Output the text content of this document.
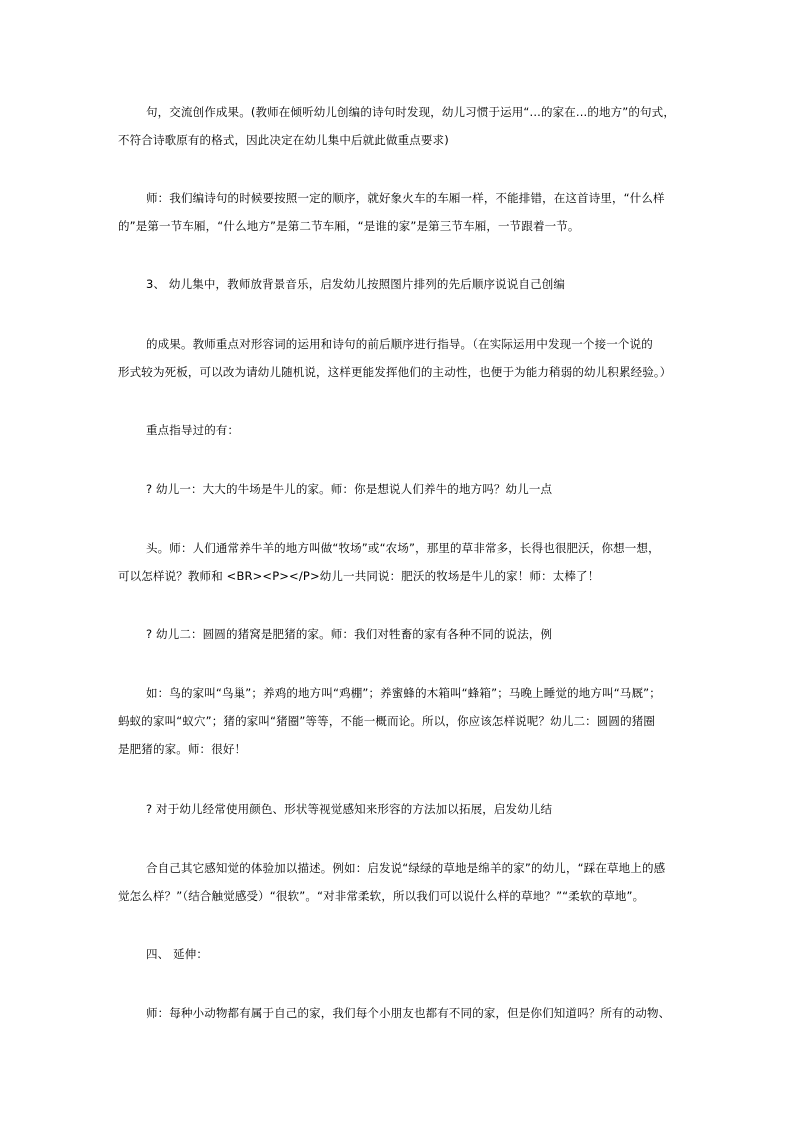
句，交流创作成果。(教师在倾听幼儿创编的诗句时发现，幼儿习惯于运用“...的家在...的地方”的句式，
不符合诗歌原有的格式，因此决定在幼儿集中后就此做重点要求)
师：我们编诗句的时候要按照一定的顺序，就好象火车的车厢一样，不能排错，在这首诗里，“什么样
的”是第一节车厢，“什么地方”是第二节车厢，“是谁的家”是第三节车厢，一节跟着一节。
3、 幼儿集中，教师放背景音乐，启发幼儿按照图片排列的先后顺序说说自己创编
的成果。教师重点对形容词的运用和诗句的前后顺序进行指导。（在实际运用中发现一个接一个说的
形式较为死板，可以改为请幼儿随机说，这样更能发挥他们的主动性，也便于为能力稍弱的幼儿积累经验。）
重点指导过的有：
? 幼儿一：大大的牛场是牛儿的家。师：你是想说人们养牛的地方吗？幼儿一点
头。师：人们通常养牛羊的地方叫做“牧场”或“农场”，那里的草非常多，长得也很肥沃，你想一想，
可以怎样说？教师和 <BR><P></P>幼儿一共同说：肥沃的牧场是牛儿的家！师：太棒了！
? 幼儿二：圆圆的猪窝是肥猪的家。师：我们对牲畜的家有各种不同的说法，例
如：鸟的家叫“鸟巢”；养鸡的地方叫“鸡棚”；养蜜蜂的木箱叫“蜂箱”；马晚上睡觉的地方叫“马厩”；
蚂蚁的家叫“蚁穴”；猪的家叫“猪圈”等等，不能一概而论。所以，你应该怎样说呢？幼儿二：圆圆的猪圈
是肥猪的家。师：很好！
? 对于幼儿经常使用颜色、形状等视觉感知来形容的方法加以拓展，启发幼儿结
合自己其它感知觉的体验加以描述。例如：启发说“绿绿的草地是绵羊的家”的幼儿，“踩在草地上的感
觉怎么样？”（结合触觉感受）“很软”。“对非常柔软，所以我们可以说什么样的草地？”“柔软的草地”。
四、 延伸：
师：每种小动物都有属于自己的家，我们每个小朋友也都有不同的家，但是你们知道吗？所有的动物、
